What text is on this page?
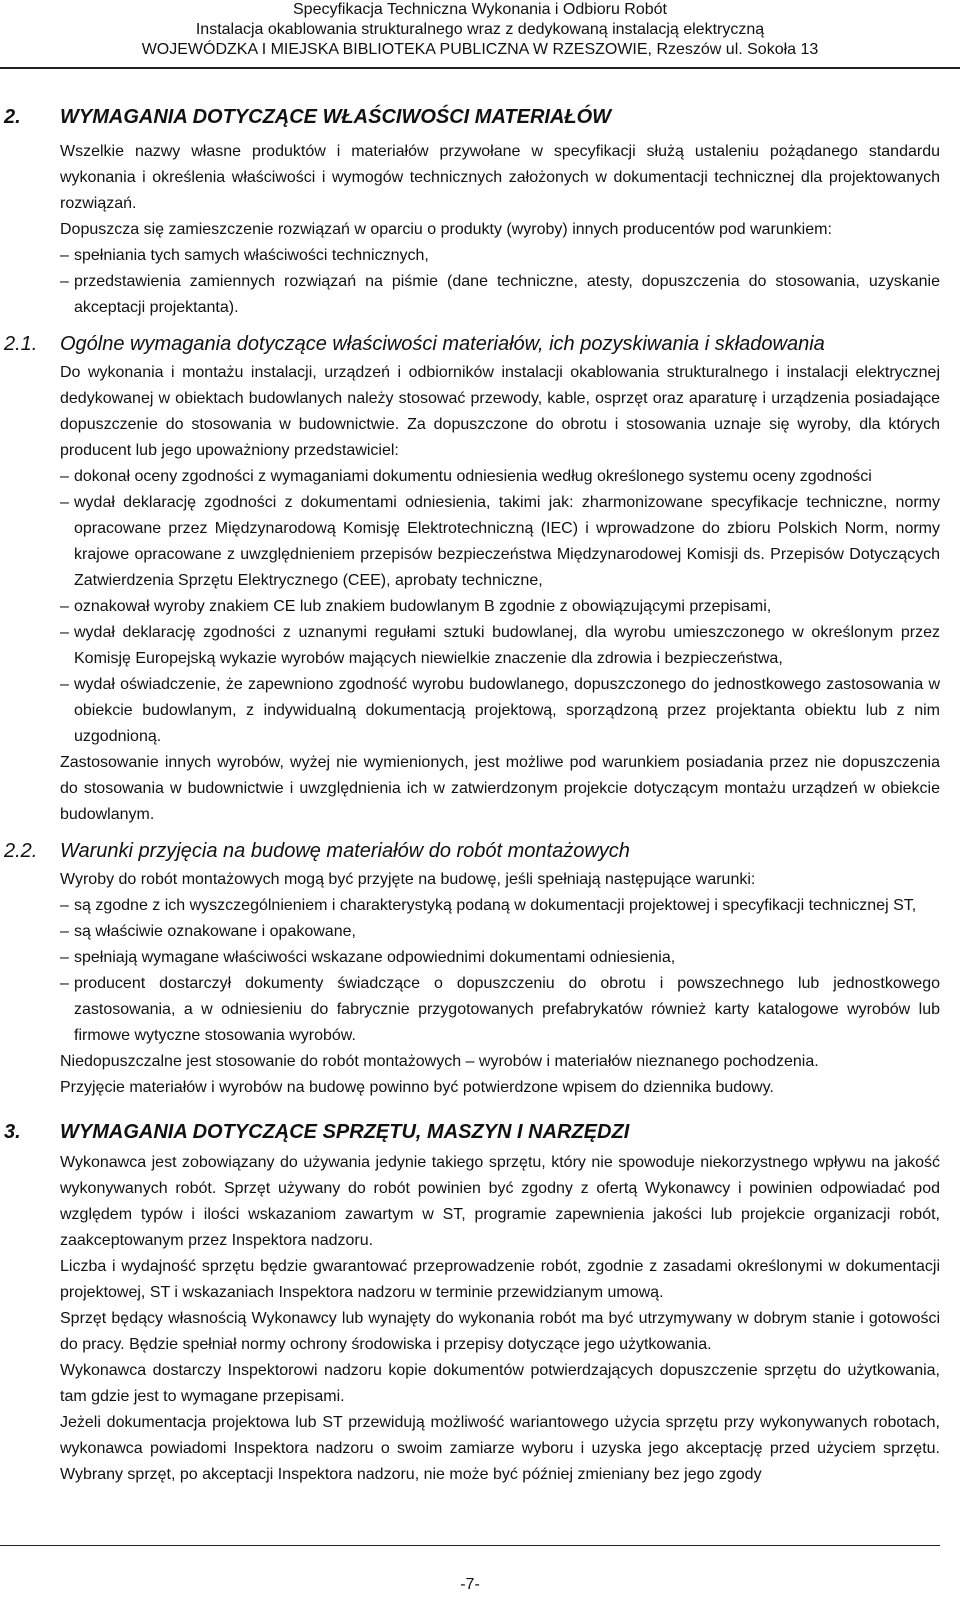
Specyfikacja Techniczna Wykonania i Odbioru Robót
Instalacja okablowania strukturalnego wraz z dedykowaną instalacją elektryczną
WOJEWÓDZKA I MIEJSKA BIBLIOTEKA PUBLICZNA W RZESZOWIE, Rzeszów ul. Sokoła 13
2.	WYMAGANIA DOTYCZĄCE WŁAŚCIWOŚCI MATERIAŁÓW
Wszelkie nazwy własne produktów i materiałów przywołane w specyfikacji służą ustaleniu pożądanego standardu wykonania i określenia właściwości i wymogów technicznych założonych w dokumentacji technicznej dla projektowanych rozwiązań.
Dopuszcza się zamieszczenie rozwiązań w oparciu o produkty (wyroby) innych producentów pod warunkiem:
– spełniania tych samych właściwości technicznych,
– przedstawienia zamiennych rozwiązań na piśmie (dane techniczne, atesty, dopuszczenia do stosowania, uzyskanie akceptacji projektanta).
2.1.	Ogólne wymagania dotyczące właściwości materiałów, ich pozyskiwania i składowania
Do wykonania i montażu instalacji, urządzeń i odbiorników instalacji okablowania strukturalnego i instalacji elektrycznej dedykowanej w obiektach budowlanych należy stosować przewody, kable, osprzęt oraz aparaturę i urządzenia posiadające dopuszczenie do stosowania w budownictwie. Za dopuszczone do obrotu i stosowania uznaje się wyroby, dla których producent lub jego upoważniony przedstawiciel:
– dokonał oceny zgodności z wymaganiami dokumentu odniesienia według określonego systemu oceny zgodności
– wydał deklarację zgodności z dokumentami odniesienia, takimi jak: zharmonizowane specyfikacje techniczne, normy opracowane przez Międzynarodową Komisję Elektrotechniczną (IEC) i wprowadzone do zbioru Polskich Norm, normy krajowe opracowane z uwzględnieniem przepisów bezpieczeństwa Międzynarodowej Komisji ds. Przepisów Dotyczących Zatwierdzenia Sprzętu Elektrycznego (CEE), aprobaty techniczne,
– oznakował wyroby znakiem CE lub znakiem budowlanym B zgodnie z obowiązującymi przepisami,
– wydał deklarację zgodności z uznanymi regułami sztuki budowlanej, dla wyrobu umieszczonego w określonym przez Komisję Europejską wykazie wyrobów mających niewielkie znaczenie dla zdrowia i bezpieczeństwa,
– wydał oświadczenie, że zapewniono zgodność wyrobu budowlanego, dopuszczonego do jednostkowego zastosowania w obiekcie budowlanym, z indywidualną dokumentacją projektową, sporządzoną przez projektanta obiektu lub z nim uzgodnioną.
Zastosowanie innych wyrobów, wyżej nie wymienionych, jest możliwe pod warunkiem posiadania przez nie dopuszczenia do stosowania w budownictwie i uwzględnienia ich w zatwierdzonym projekcie dotyczącym montażu urządzeń w obiekcie budowlanym.
2.2.	Warunki przyjęcia na budowę materiałów do robót montażowych
Wyroby do robót montażowych mogą być przyjęte na budowę, jeśli spełniają następujące warunki:
– są zgodne z ich wyszczególnieniem i charakterystyką podaną w dokumentacji projektowej i specyfikacji technicznej ST,
– są właściwie oznakowane i opakowane,
– spełniają wymagane właściwości wskazane odpowiednimi dokumentami odniesienia,
– producent dostarczył dokumenty świadczące o dopuszczeniu do obrotu i powszechnego lub jednostkowego zastosowania, a w odniesieniu do fabrycznie przygotowanych prefabrykatów również karty katalogowe wyrobów lub firmowe wytyczne stosowania wyrobów.
Niedopuszczalne jest stosowanie do robót montażowych – wyrobów i materiałów nieznanego pochodzenia.
Przyjęcie materiałów i wyrobów na budowę powinno być potwierdzone wpisem do dziennika budowy.
3.	WYMAGANIA DOTYCZĄCE SPRZĘTU, MASZYN I NARZĘDZI
Wykonawca jest zobowiązany do używania jedynie takiego sprzętu, który nie spowoduje niekorzystnego wpływu na jakość wykonywanych robót. Sprzęt używany do robót powinien być zgodny z ofertą Wykonawcy i powinien odpowiadać pod względem typów i ilości wskazaniom zawartym w ST, programie zapewnienia jakości lub projekcie organizacji robót, zaakceptowanym przez Inspektora nadzoru.
Liczba i wydajność sprzętu będzie gwarantować przeprowadzenie robót, zgodnie z zasadami określonymi w dokumentacji projektowej, ST i wskazaniach Inspektora nadzoru w terminie przewidzianym umową.
Sprzęt będący własnością Wykonawcy lub wynajęty do wykonania robót ma być utrzymywany w dobrym stanie i gotowości do pracy. Będzie spełniał normy ochrony środowiska i przepisy dotyczące jego użytkowania.
Wykonawca dostarczy Inspektorowi nadzoru kopie dokumentów potwierdzających dopuszczenie sprzętu do użytkowania, tam gdzie jest to wymagane przepisami.
Jeżeli dokumentacja projektowa lub ST przewidują możliwość wariantowego użycia sprzętu przy wykonywanych robotach, wykonawca powiadomi Inspektora nadzoru o swoim zamiarze wyboru i uzyska jego akceptację przed użyciem sprzętu. Wybrany sprzęt, po akceptacji Inspektora nadzoru, nie może być później zmieniany bez jego zgody
-7-
